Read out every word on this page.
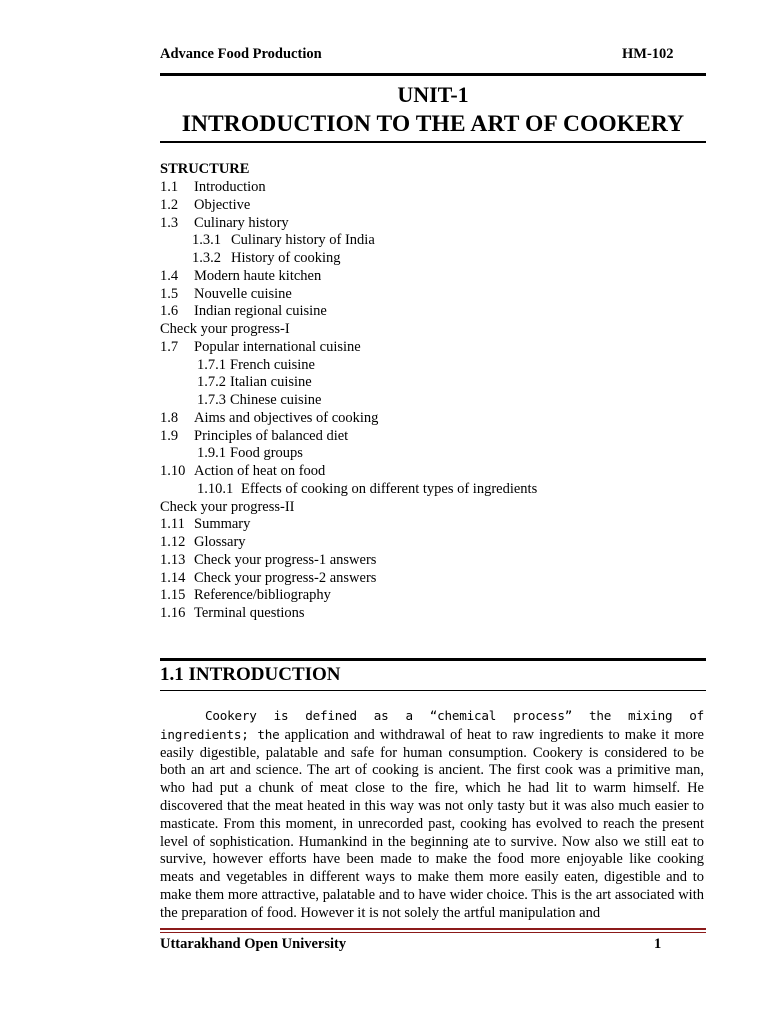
Advance Food Production	HM-102
UNIT-1
INTRODUCTION TO THE ART OF COOKERY
STRUCTURE
1.1 Introduction
1.2 Objective
1.3 Culinary history
1.3.1 Culinary history of India
1.3.2 History of cooking
1.4 Modern haute kitchen
1.5 Nouvelle cuisine
1.6 Indian regional cuisine
Check your progress-I
1.7 Popular international cuisine
1.7.1 French cuisine
1.7.2 Italian cuisine
1.7.3 Chinese cuisine
1.8 Aims and objectives of cooking
1.9 Principles of balanced diet
1.9.1 Food groups
1.10 Action of heat on food
1.10.1 Effects of cooking on different types of ingredients
Check your progress-II
1.11 Summary
1.12 Glossary
1.13 Check your progress-1 answers
1.14 Check your progress-2 answers
1.15 Reference/bibliography
1.16 Terminal questions
1.1 INTRODUCTION
Cookery is defined as a “chemical process” the mixing of ingredients; the application and withdrawal of heat to raw ingredients to make it more easily digestible, palatable and safe for human consumption. Cookery is considered to be both an art and science. The art of cooking is ancient. The first cook was a primitive man, who had put a chunk of meat close to the fire, which he had lit to warm himself. He discovered that the meat heated in this way was not only tasty but it was also much easier to masticate. From this moment, in unrecorded past, cooking has evolved to reach the present level of sophistication. Humankind in the beginning ate to survive. Now also we still eat to survive, however efforts have been made to make the food more enjoyable like cooking meats and vegetables in different ways to make them more easily eaten, digestible and to make them more attractive, palatable and to have wider choice. This is the art associated with the preparation of food. However it is not solely the artful manipulation and
Uttarakhand Open University	1
